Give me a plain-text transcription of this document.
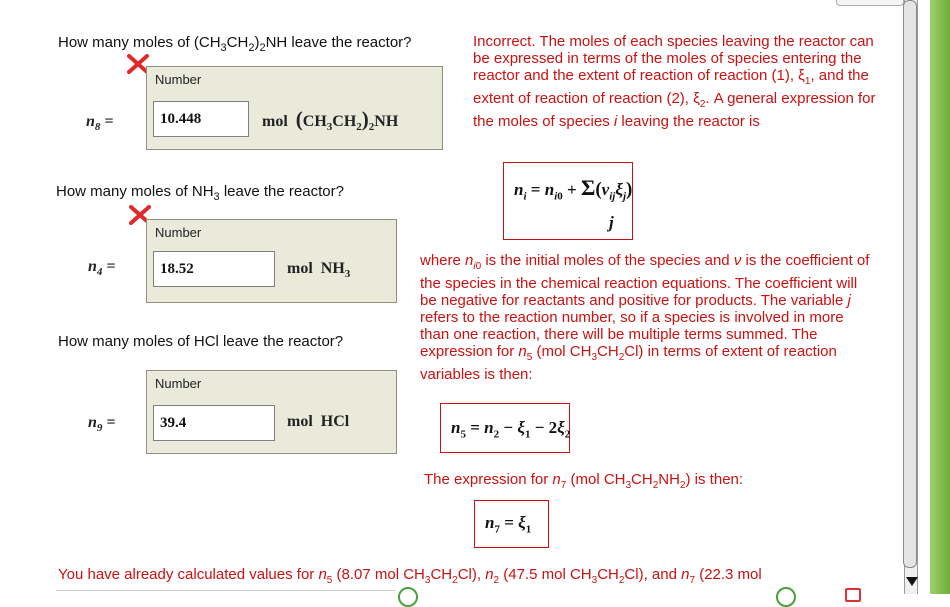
How many moles of $(CH_3CH_2)_2NH$ leave the reactor?
Number
10.448
mol  $(CH_3CH_2)_2NH$
$n_8$ =
How many moles of $NH_3$ leave the reactor?
Number
18.52
mol  $NH_3$
$n_4$ =
How many moles of HCl leave the reactor?
Number
39.4
mol  HCl
$n_9$ =
Incorrect. The moles of each species leaving the reactor can be expressed in terms of the moles of species entering the reactor and the extent of reaction of reaction (1), $\xi_1$, and the extent of reaction of reaction (2), $\xi_2$. A general expression for the moles of species i leaving the reactor is
$n_i = n_{i0} + \Sigma(\nu_{ij}\xi_j)$
j
where $n_{i0}$ is the initial moles of the species and ν is the coefficient of the species in the chemical reaction equations. The coefficient will be negative for reactants and positive for products. The variable j refers to the reaction number, so if a species is involved in more than one reaction, there will be multiple terms summed. The expression for $n_5$ (mol $CH_3CH_2Cl$) in terms of extent of reaction variables is then:
$n_5 = n_2 - \xi_1 - 2\xi_2$
The expression for $n_7$ (mol $CH_3CH_2NH_2$) is then:
$n_7 = \xi_1$
You have already calculated values for $n_5$ (8.07 mol $CH_3CH_2Cl$), $n_2$ (47.5 mol $CH_3CH_2Cl$), and $n_7$ (22.3 mol
